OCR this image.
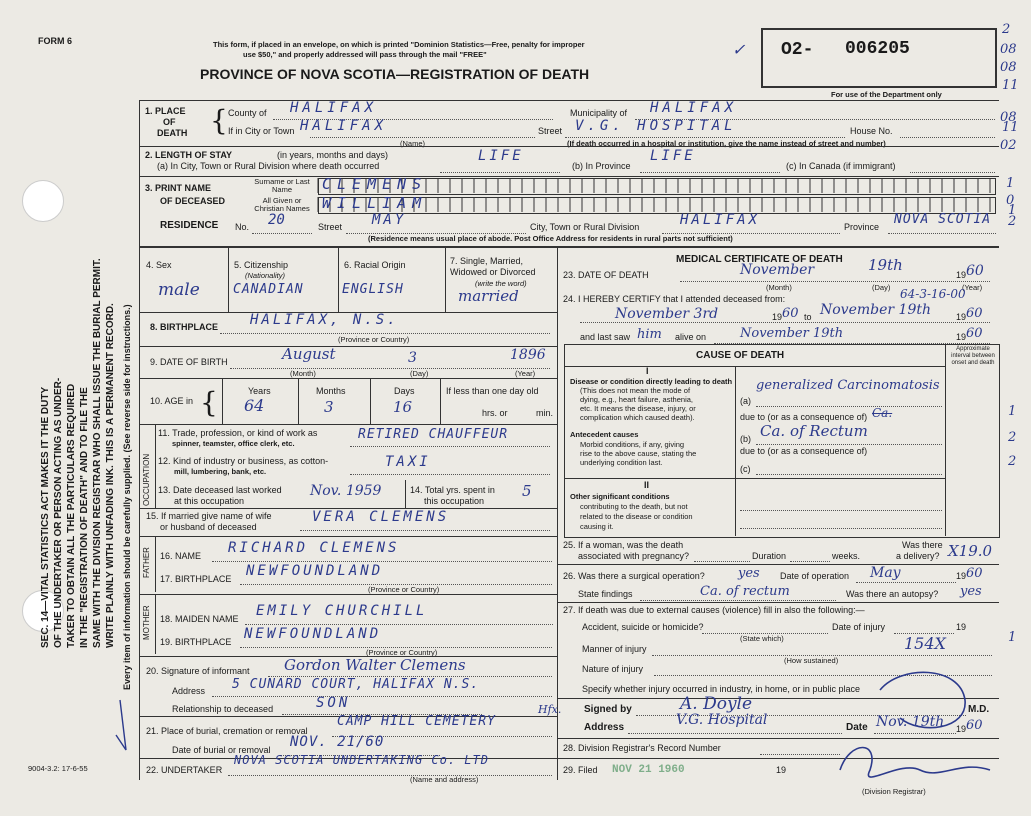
FORM 6	This form, if placed in an envelope, on which is printed "Dominion Statistics—Free, penalty for improper
use $50," and properly addressed will pass through the mail "FREE"
PROVINCE OF NOVA SCOTIA—REGISTRATION OF DEATH
✓ O2- 006205
For use of the Department only
2
08
08
11
08
11
02
1
0
1
2
1
2
2
1
SEC. 14—VITAL STATISTICS ACT MAKES IT THE DUTY OF THE UNDERTAKER OR PERSON ACTING AS UNDER- TAKER TO OBTAIN ALL THE PARTICULARS REQUIRED IN THE "REGISTRATION OF DEATH" AND TO FILE THE SAME WITH THE DIVISION REGISTRAR WHO SHALL ISSUE THE BURIAL PERMIT. WRITE PLAINLY WITH UNFADING INK. THIS IS A PERMANENT RECORD. Every item of information should be carefully supplied. (See reverse side for instructions.)
1. PLACE
OF
DEATH { County of HALIFAX	Municipality of HALIFAX
If in City or Town HALIFAX
(Name)
Street V.G. HOSPITAL	House No.
(If death occurred in a hospital or institution, give the name instead of street and number)
2. LENGTH OF STAY	(in years, months and days)
(a) In City, Town or Rural Division where death occurred
LIFE
(b) In Province
LIFE
(c) In Canada (if immigrant)
3. PRINT NAME
OF DECEASED
Surname or Last Name
All Given or Christian Names
CLEMENS
WILLIAM
RESIDENCE No. 20	Street MAY	City, Town or Rural Division	HALIFAX	Province NOVA SCOTIA
(Residence means usual place of abode. Post Office Address for residents in rural parts not sufficient)
4. Sex
male
5. Citizenship
(Nationality)
CANADIAN
6. Racial Origin
ENGLISH
7. Single, Married,
Widowed or Divorced
(write the word)
married
8. BIRTHPLACE HALIFAX, N.S.
(Province or Country)
9. DATE OF BIRTH	August	3	1896
(Month)	(Day)	(Year)
10. AGE in {	Years	Months	Days
64	3	16
If less than one day old
hrs. or	min.
OCCUPATION
11. Trade, profession, or kind of work as
spinner, teamster, office clerk, etc.
RETIRED CHAUFFEUR
12. Kind of industry or business, as cotton-
mill, lumbering, bank, etc.
TAXI
13. Date deceased last worked
at this occupation
Nov. 1959	14. Total yrs. spent in
this occupation
5
15. If married give name of wife
or husband of deceased
VERA CLEMENS
FATHER 16. NAME RICHARD CLEMENS
17. BIRTHPLACE NEWFOUNDLAND
(Province or Country)
MOTHER 18. MAIDEN NAME EMILY CHURCHILL
19. BIRTHPLACE NEWFOUNDLAND
(Province or Country)
20. Signature of informant Gordon Walter Clemens
Address 5 CUNARD COURT, HALIFAX N.S.
Relationship to deceased	SON
21. Place of burial, cremation or removal
CAMP HILL CEMETERY
Hfx.
Date of burial or removal NOV. 21/60
9004-3.2: 17-6-55	22. UNDERTAKER
NOVA SCOTIA UNDERTAKING Co. LTD
(Name and address)
MEDICAL CERTIFICATE OF DEATH
23. DATE OF DEATH	November	19th
19 60
(Month)	(Day)	(Year)
24. I HEREBY CERTIFY that I attended deceased from:	64-3-16-00
November 3rd	19 60 to November 19th	19 60
and last saw him alive on	November 19th	19 60
CAUSE OF DEATH
Approximate interval between onset and death
I
Disease or condition directly leading to death
(This does not mean the mode of
dying, e.g., heart failure, asthenia,
etc. It means the disease, injury, or
complication which caused death).
(a)
generalized Carcinomatosis
due to (or as a consequence of) Ca.
Antecedent causes
Morbid conditions, if any, giving
rise to the above cause, stating the
underlying condition last.
(b) Ca. of Rectum
due to (or as a consequence of)
(c)
II
Other significant conditions
contributing to the death, but not
related to the disease or condition
causing it.
25. If a woman, was the death
associated with pregnancy?	Duration	weeks.
Was there
a delivery? X19.0
26. Was there a surgical operation?	yes Date of operation May	19 60
State findings	Ca. of rectum	Was there an autopsy? yes
27. If death was due to external causes (violence) fill in also the following:—
Accident, suicide or homicide?
(State which)
Date of injury	19
Manner of injury	154X
(How sustained)
Nature of injury
Specify whether injury occurred in industry, in home, or in public place
Signed by	A. Doyle	M.D.
Address	V.G. Hospital	Date Nov. 19th 19 60
28. Division Registrar's Record Number
29. Filed NOV 21 1960	19
(Division Registrar)
